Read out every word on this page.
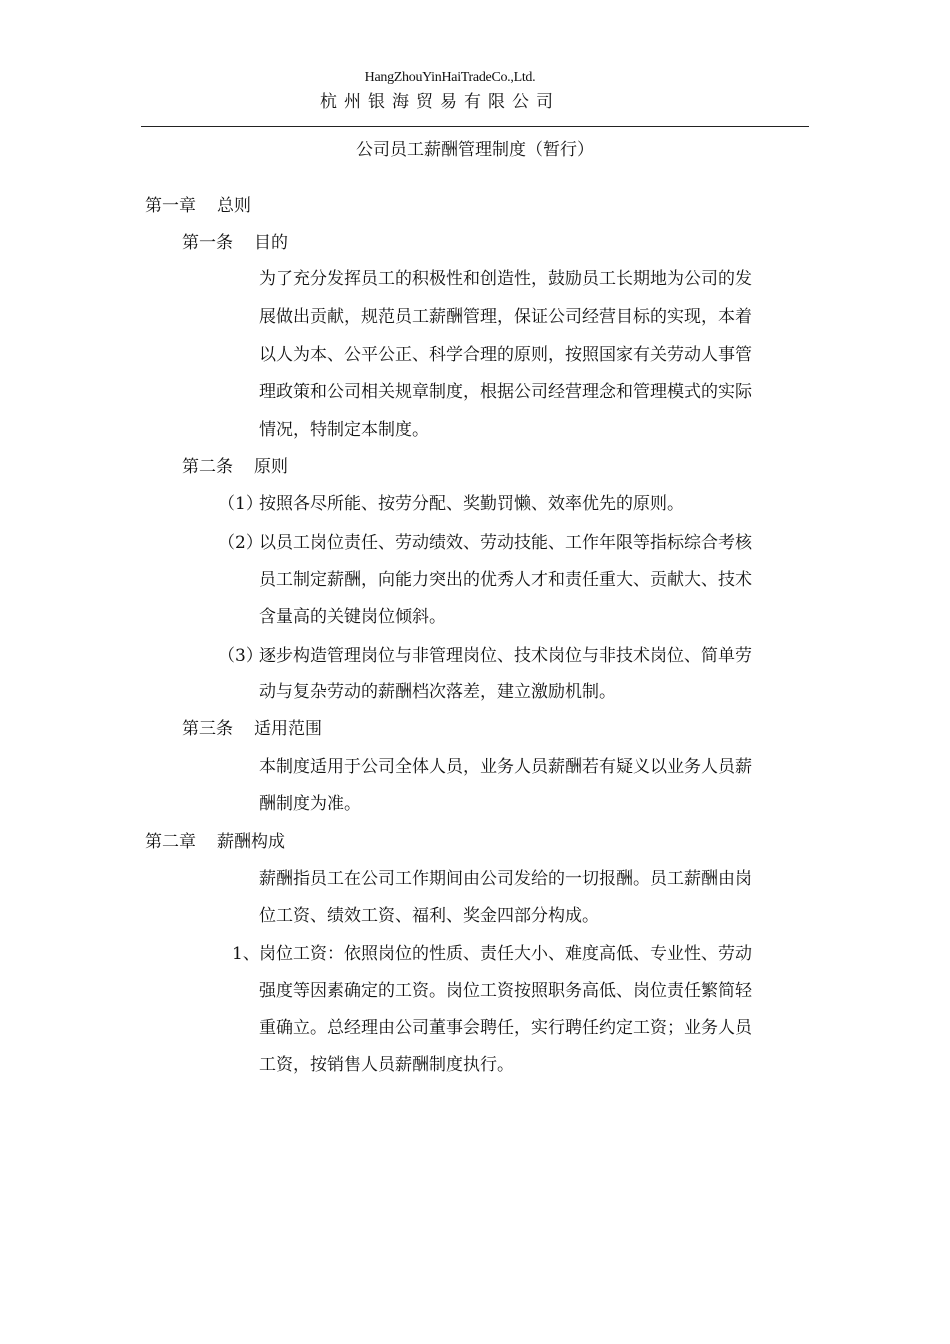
HangZhouYinHaiTradeCo.,Ltd.
杭州银海贸易有限公司
公司员工薪酬管理制度（暂行）
第一章 总则
第一条 目的
为了充分发挥员工的积极性和创造性，鼓励员工长期地为公司的发
展做出贡献，规范员工薪酬管理，保证公司经营目标的实现，本着
以人为本、公平公正、科学合理的原则，按照国家有关劳动人事管
理政策和公司相关规章制度，根据公司经营理念和管理模式的实际
情况，特制定本制度。
第二条 原则
（1）
按照各尽所能、按劳分配、奖勤罚懒、效率优先的原则。
（2）
以员工岗位责任、劳动绩效、劳动技能、工作年限等指标综合考核
员工制定薪酬，向能力突出的优秀人才和责任重大、贡献大、技术
含量高的关键岗位倾斜。
（3）
逐步构造管理岗位与非管理岗位、技术岗位与非技术岗位、简单劳
动与复杂劳动的薪酬档次落差，建立激励机制。
第三条 适用范围
本制度适用于公司全体人员，业务人员薪酬若有疑义以业务人员薪
酬制度为准。
第二章 薪酬构成
薪酬指员工在公司工作期间由公司发给的一切报酬。员工薪酬由岗
位工资、绩效工资、福利、奖金四部分构成。
1、 岗位工资：依照岗位的性质、责任大小、难度高低、专业性、劳动
强度等因素确定的工资。岗位工资按照职务高低、岗位责任繁简轻
重确立。总经理由公司董事会聘任，实行聘任约定工资；业务人员
工资，按销售人员薪酬制度执行。
